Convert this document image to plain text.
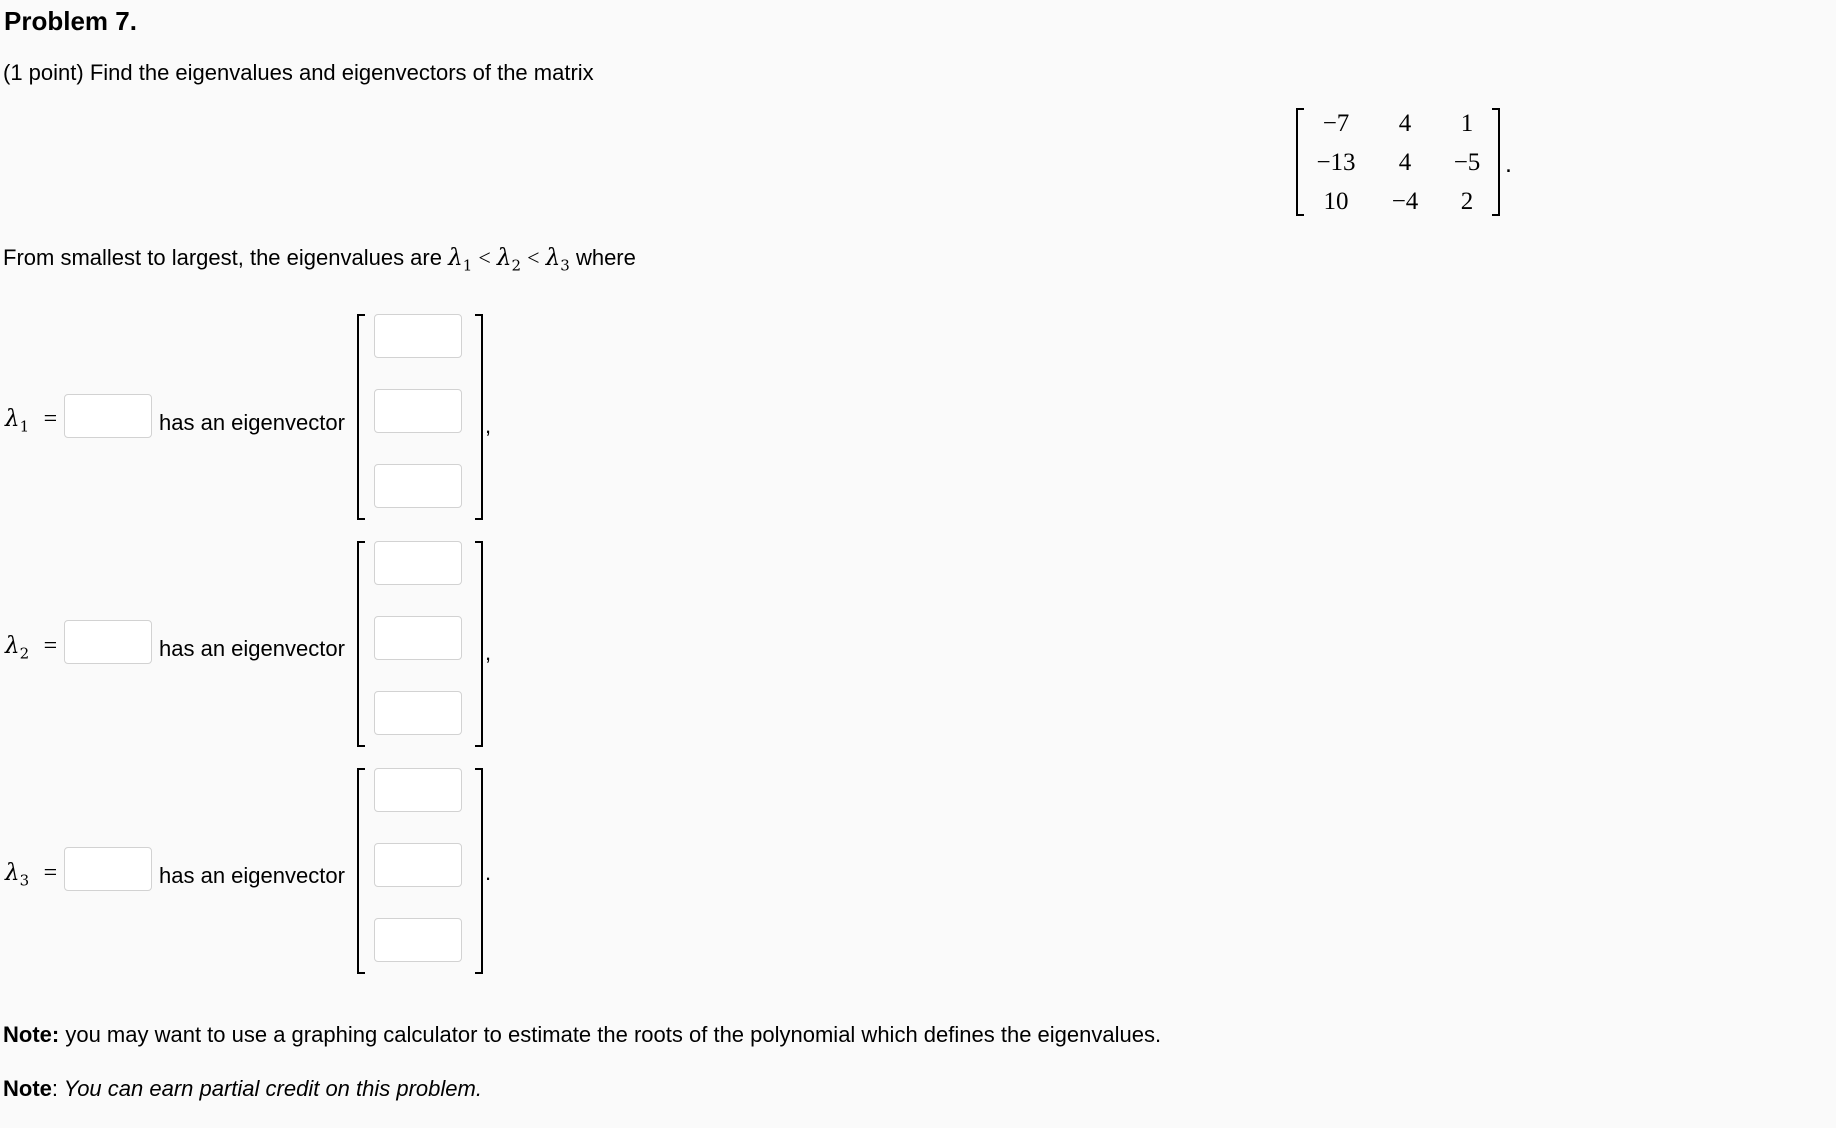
Problem 7.
(1 point) Find the eigenvalues and eigenvectors of the matrix
−7	4	1
−13	4	−5
10	−4	2
.
From smallest to largest, the eigenvalues are $\lambda_1 < \lambda_2 < \lambda_3$ where
$\lambda_1$ =	has an eigenvector	,
$\lambda_2$ =	has an eigenvector	,
$\lambda_3$ =	has an eigenvector	.
Note: you may want to use a graphing calculator to estimate the roots of the polynomial which defines the eigenvalues.
Note: You can earn partial credit on this problem.
